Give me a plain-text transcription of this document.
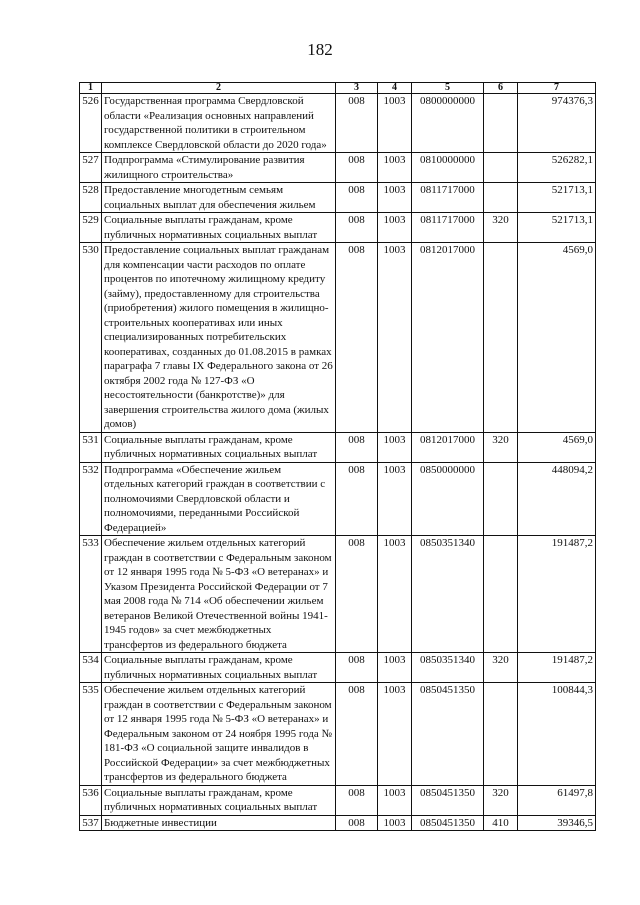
182
1	2	3	4	5	6	7
526	Государственная программа Свердловской области «Реализация основных направлений государственной политики в строительном комплексе Свердловской области до 2020 года»	008	1003	0800000000		974376,3
527	Подпрограмма «Стимулирование развития жилищного строительства»	008	1003	0810000000		526282,1
528	Предоставление многодетным семьям социальных выплат для обеспечения жильем	008	1003	0811717000		521713,1
529	Социальные выплаты гражданам, кроме публичных нормативных социальных выплат	008	1003	0811717000	320	521713,1
530	Предоставление социальных выплат гражданам для компенсации части расходов по оплате процентов по ипотечному жилищному кредиту (займу), предоставленному для строительства (приобретения) жилого помещения в жилищно-строительных кооперативах или иных специализированных потребительских кооперативах, созданных до 01.08.2015 в рамках параграфа 7 главы IX Федерального закона от 26 октября 2002 года № 127-ФЗ «О несостоятельности (банкротстве)» для завершения строительства жилого дома (жилых домов)	008	1003	0812017000		4569,0
531	Социальные выплаты гражданам, кроме публичных нормативных социальных выплат	008	1003	0812017000	320	4569,0
532	Подпрограмма «Обеспечение жильем отдельных категорий граждан в соответствии с полномочиями Свердловской области и полномочиями, переданными Российской Федерацией»	008	1003	0850000000		448094,2
533	Обеспечение жильем отдельных категорий граждан в соответствии с Федеральным законом от 12 января 1995 года № 5-ФЗ «О ветеранах» и Указом Президента Российской Федерации от 7 мая 2008 года № 714 «Об обеспечении жильем ветеранов Великой Отечественной войны 1941-1945 годов» за счет межбюджетных трансфертов из федерального бюджета	008	1003	0850351340		191487,2
534	Социальные выплаты гражданам, кроме публичных нормативных социальных выплат	008	1003	0850351340	320	191487,2
535	Обеспечение жильем отдельных категорий граждан в соответствии с Федеральным законом от 12 января 1995 года № 5-ФЗ «О ветеранах» и Федеральным законом от 24 ноября 1995 года № 181-ФЗ «О социальной защите инвалидов в Российской Федерации» за счет межбюджетных трансфертов из федерального бюджета	008	1003	0850451350		100844,3
536	Социальные выплаты гражданам, кроме публичных нормативных социальных выплат	008	1003	0850451350	320	61497,8
537	Бюджетные инвестиции	008	1003	0850451350	410	39346,5
